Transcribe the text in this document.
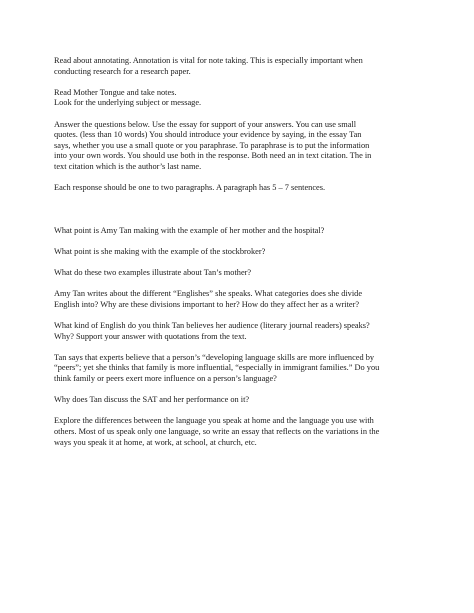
Read about annotating. Annotation is vital for note taking. This is especially important when
conducting research for a research paper.

Read Mother Tongue and take notes.
Look for the underlying subject or message.

Answer the questions below. Use the essay for support of your answers. You can use small
quotes. (less than 10 words) You should introduce your evidence by saying, in the essay Tan
says, whether you use a small quote or you paraphrase. To paraphrase is to put the information
into your own words. You should use both in the response. Both need an in text citation. The in
text citation which is the author’s last name.

Each response should be one to two paragraphs. A paragraph has 5 – 7 sentences.

What point is Amy Tan making with the example of her mother and the hospital?

What point is she making with the example of the stockbroker?

What do these two examples illustrate about Tan’s mother?

Amy Tan writes about the different “Englishes” she speaks. What categories does she divide
English into? Why are these divisions important to her? How do they affect her as a writer?

What kind of English do you think Tan believes her audience (literary journal readers) speaks?
Why? Support your answer with quotations from the text.

Tan says that experts believe that a person’s “developing language skills are more influenced by
“peers”; yet she thinks that family is more influential, “especially in immigrant families.” Do you
think family or peers exert more influence on a person’s language?

Why does Tan discuss the SAT and her performance on it?

Explore the differences between the language you speak at home and the language you use with
others. Most of us speak only one language, so write an essay that reflects on the variations in the
ways you speak it at home, at work, at school, at church, etc.
